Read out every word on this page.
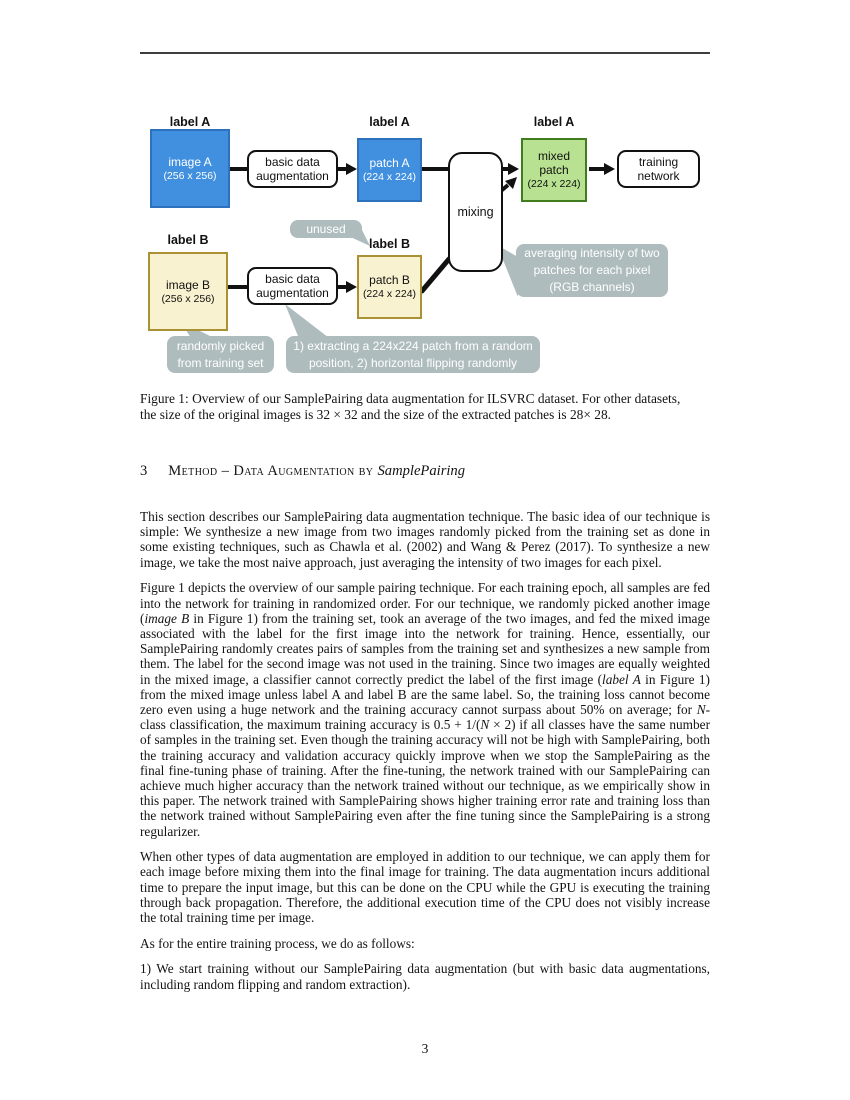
label A	label A	label A
image A
(256 x 256)
basic data
augmentation
patch A
(224 x 224)
mixing
mixed
patch
(224 x 224)
training
network
unused
label B	label B
image B
(256 x 256)
basic data
augmentation
patch B
(224 x 224)
randomly picked
from training set
1) extracting a 224x224 patch from a random
position, 2) horizontal flipping randomly
averaging intensity of two
patches for each pixel
(RGB channels)
Figure 1: Overview of our SamplePairing data augmentation for ILSVRC dataset. For other datasets,
the size of the original images is 32 × 32 and the size of the extracted patches is 28× 28.
3 Method – Data Augmentation by SamplePairing

This section describes our SamplePairing data augmentation technique. The basic idea of our technique is simple: We synthesize a new image from two images randomly picked from the training set as done in some existing techniques, such as Chawla et al. (2002) and Wang & Perez (2017). To synthesize a new image, we take the most naive approach, just averaging the intensity of two images for each pixel.

Figure 1 depicts the overview of our sample pairing technique. For each training epoch, all samples are fed into the network for training in randomized order. For our technique, we randomly picked another image (image B in Figure 1) from the training set, took an average of the two images, and fed the mixed image associated with the label for the first image into the network for training. Hence, essentially, our SamplePairing randomly creates pairs of samples from the training set and synthesizes a new sample from them. The label for the second image was not used in the training. Since two images are equally weighted in the mixed image, a classifier cannot correctly predict the label of the first image (label A in Figure 1) from the mixed image unless label A and label B are the same label. So, the training loss cannot become zero even using a huge network and the training accuracy cannot surpass about 50% on average; for N-class classification, the maximum training accuracy is 0.5 + 1/(N × 2) if all classes have the same number of samples in the training set. Even though the training accuracy will not be high with SamplePairing, both the training accuracy and validation accuracy quickly improve when we stop the SamplePairing as the final fine-tuning phase of training. After the fine-tuning, the network trained with our SamplePairing can achieve much higher accuracy than the network trained without our technique, as we empirically show in this paper. The network trained with SamplePairing shows higher training error rate and training loss than the network trained without SamplePairing even after the fine tuning since the SamplePairing is a strong regularizer.

When other types of data augmentation are employed in addition to our technique, we can apply them for each image before mixing them into the final image for training. The data augmentation incurs additional time to prepare the input image, but this can be done on the CPU while the GPU is executing the training through back propagation. Therefore, the additional execution time of the CPU does not visibly increase the total training time per image.

As for the entire training process, we do as follows:

1) We start training without our SamplePairing data augmentation (but with basic data augmentations, including random flipping and random extraction).

3
